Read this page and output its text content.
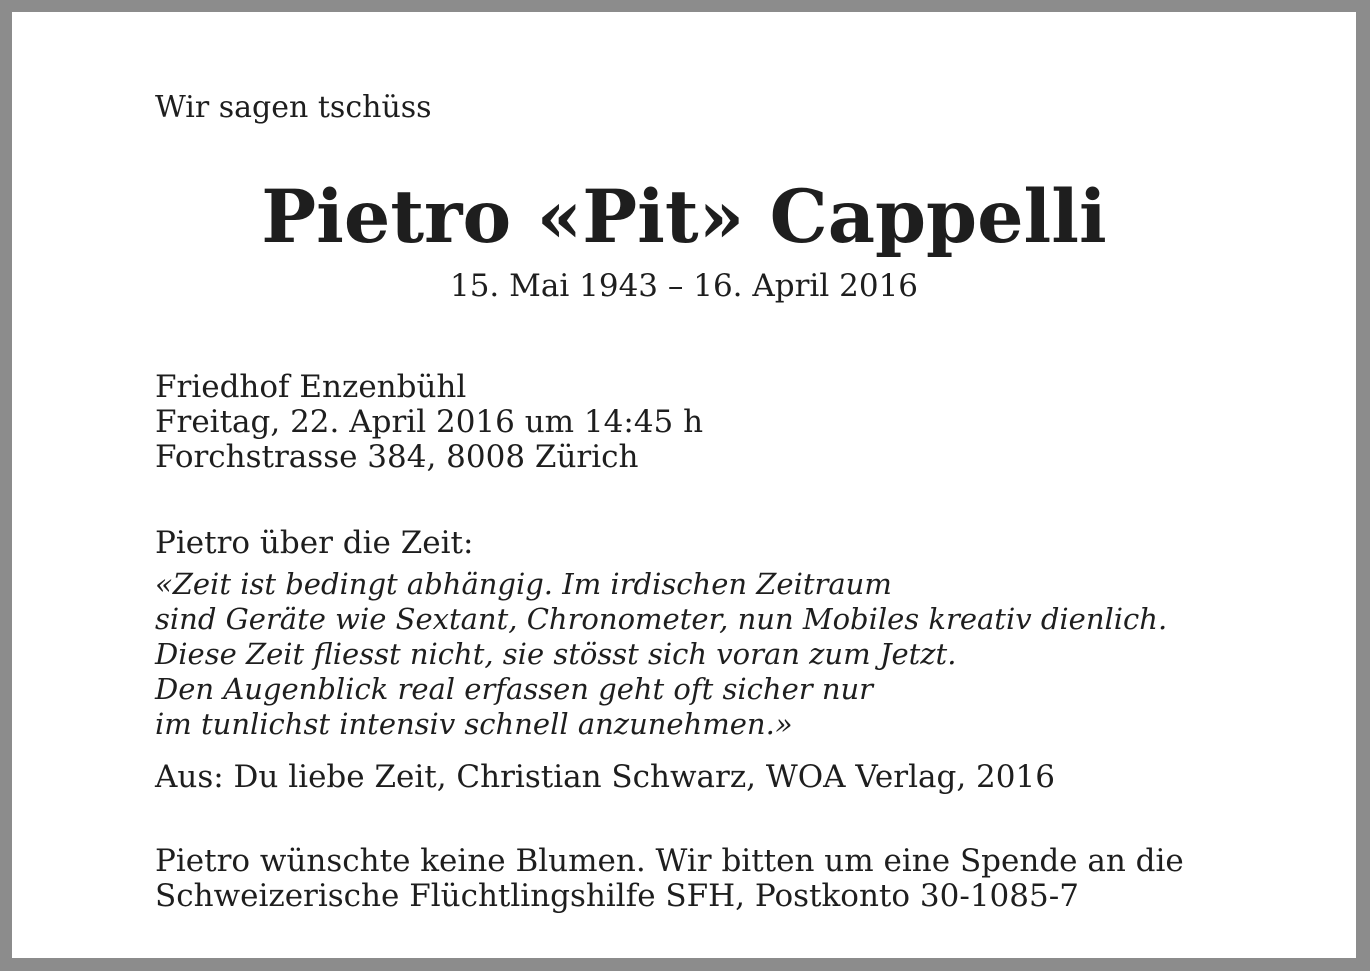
Wir sagen tschüss

Pietro «Pit» Cappelli

15. Mai 1943 – 16. April 2016

Friedhof Enzenbühl
Freitag, 22. April 2016 um 14:45 h
Forchstrasse 384, 8008 Zürich

Pietro über die Zeit:

«Zeit ist bedingt abhängig. Im irdischen Zeitraum
sind Geräte wie Sextant, Chronometer, nun Mobiles kreativ dienlich.
Diese Zeit fliesst nicht, sie stösst sich voran zum Jetzt.
Den Augenblick real erfassen geht oft sicher nur
im tunlichst intensiv schnell anzunehmen.»

Aus: Du liebe Zeit, Christian Schwarz, WOA Verlag, 2016

Pietro wünschte keine Blumen. Wir bitten um eine Spende an die
Schweizerische Flüchtlingshilfe SFH, Postkonto 30-1085-7
